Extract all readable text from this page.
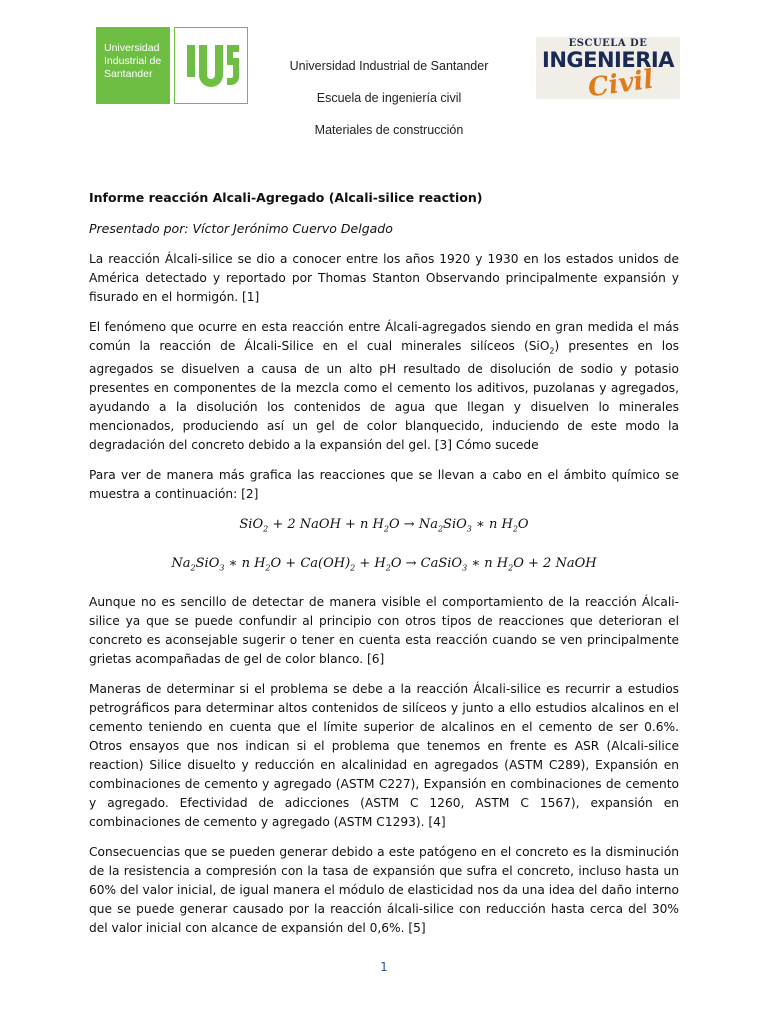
Universidad Industrial de Santander
Universidad Industrial de Santander
Escuela de ingeniería civil
Materiales de construcción
ESCUELA DE
INGENIERIA
Civil
Informe reacción Alcali-Agregado (Alcali-silice reaction)
Presentado por: Víctor Jerónimo Cuervo Delgado

La reacción Álcali-silice se dio a conocer entre los años 1920 y 1930 en los estados unidos de América detectado y reportado por Thomas Stanton Observando principalmente expansión y fisurado en el hormigón. [1]

El fenómeno que ocurre en esta reacción entre Álcali-agregados siendo en gran medida el más común la reacción de Álcali-Silice en el cual minerales silíceos (SiO$_2$) presentes en los agregados se disuelven a causa de un alto pH resultado de disolución de sodio y potasio presentes en componentes de la mezcla como el cemento los aditivos, puzolanas y agregados, ayudando a la disolución los contenidos de agua que llegan y disuelven lo minerales mencionados, produciendo así un gel de color blanquecido, induciendo de este modo la degradación del concreto debido a la expansión del gel. [3] Cómo sucede

Para ver de manera más grafica las reacciones que se llevan a cabo en el ámbito químico se muestra a continuación: [2]

SiO$_2$ + 2 NaOH + n $H_2O \to Na_2SiO_3$ ∗ n $H_2O$
$Na_2SiO_3$ ∗ n $H_2O + Ca(OH)_2 + H_2O$ → CaSiO$_3$ ∗ n $H_2O + 2$ NaOH

Aunque no es sencillo de detectar de manera visible el comportamiento de la reacción Álcali-silice ya que se puede confundir al principio con otros tipos de reacciones que deterioran el concreto es aconsejable sugerir o tener en cuenta esta reacción cuando se ven principalmente grietas acompañadas de gel de color blanco. [6]

Maneras de determinar si el problema se debe a la reacción Álcali-silice es recurrir a estudios petrográficos para determinar altos contenidos de silíceos y junto a ello estudios alcalinos en el cemento teniendo en cuenta que el límite superior de alcalinos en el cemento de ser 0.6%. Otros ensayos que nos indican si el problema que tenemos en frente es ASR (Alcali-silice reaction) Silice disuelto y reducción en alcalinidad en agregados (ASTM C289), Expansión en combinaciones de cemento y agregado (ASTM C227), Expansión en combinaciones de cemento y agregado. Efectividad de adicciones (ASTM C 1260, ASTM C 1567), expansión en combinaciones de cemento y agregado (ASTM C1293). [4]

Consecuencias que se pueden generar debido a este patógeno en el concreto es la disminución de la resistencia a compresión con la tasa de expansión que sufra el concreto, incluso hasta un 60% del valor inicial, de igual manera el módulo de elasticidad nos da una idea del daño interno que se puede generar causado por la reacción álcali-silice con reducción hasta cerca del 30% del valor inicial con alcance de expansión del 0,6%. [5]

1
